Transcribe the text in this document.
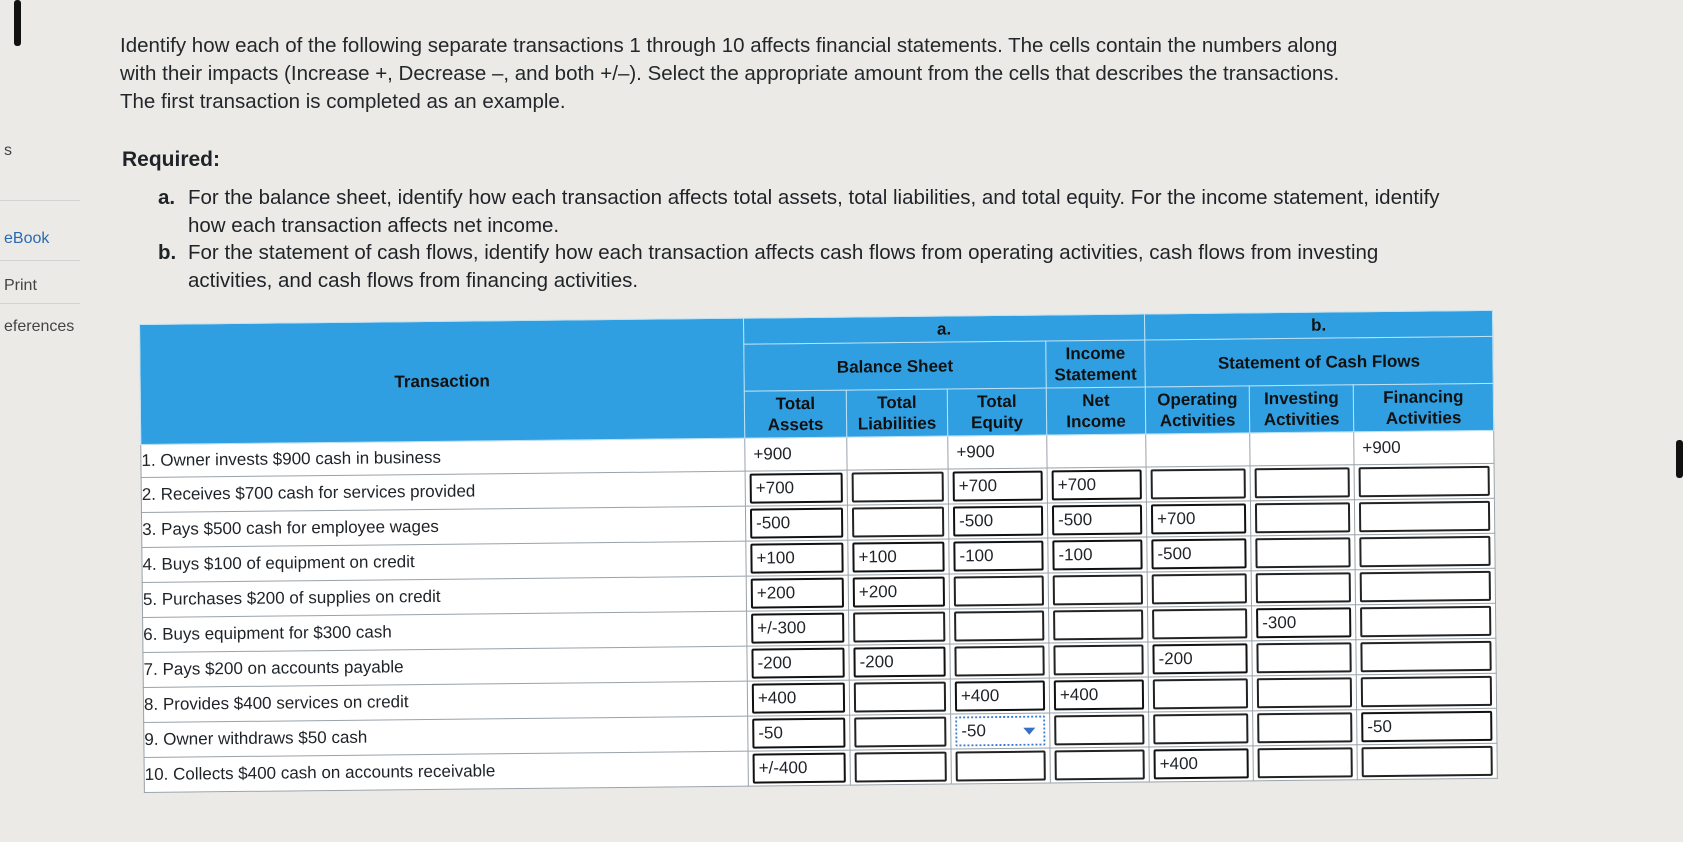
s
eBook
Print
eferences

Identify how each of the following separate transactions 1 through 10 affects financial statements. The cells contain the numbers along

with their impacts (Increase +, Decrease –, and both +/–). Select the appropriate amount from the cells that describes the transactions.

The first transaction is completed as an example.

Required:
a. For the balance sheet, identify how each transaction affects total assets, total liabilities, and total equity. For the income statement, identify how each transaction affects net income.
b. For the statement of cash flows, identify how each transaction affects cash flows from operating activities, cash flows from investing activities, and cash flows from financing activities.
Transaction	a.				b.		
	Balance Sheet			Income Statement	Statement of Cash Flows		
	Total Assets	Total Liabilities	Total Equity	Net Income	Operating Activities	Investing Activities	Financing Activities
1. Owner invests $900 cash in business	+900		+900				+900

2. Receives $700 cash for services provided	+700		+700	+700			

3. Pays $500 cash for employee wages	-500		-500	-500	+700		

4. Buys $100 of equipment on credit	+100	+100	-100	-100	-500		

5. Purchases $200 of supplies on credit	+200	+200					

6. Buys equipment for $300 cash	+/-300					-300	

7. Pays $200 on accounts payable	-200	-200			-200		

8. Provides $400 services on credit	+400		+400	+400			

9. Owner withdraws $50 cash	-50		-50				-50

10. Collects $400 cash on accounts receivable	+/-400				+400		
